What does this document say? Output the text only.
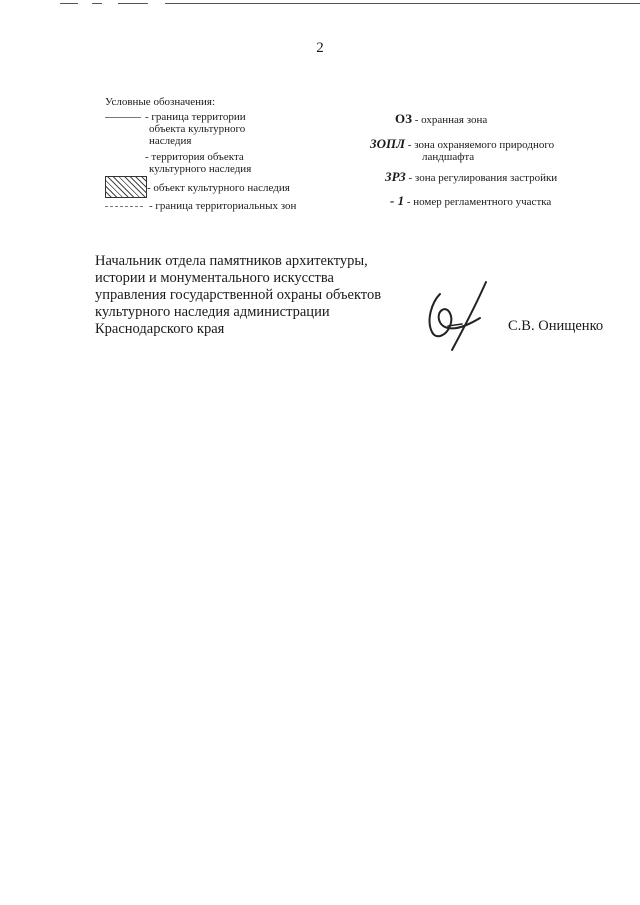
2
Условные обозначения:
- граница территории
объекта культурного
наследия
- территория объекта
культурного наследия
- объект культурного наследия
- граница территориальных зон
ОЗ - охранная зона
ЗОПЛ - зона охраняемого природного
ландшафта
ЗРЗ - зона регулирования застройки
- 1 - номер регламентного участка
Начальник отдела памятников архитектуры,
истории и монументального искусства
управления государственной охраны объектов
культурного наследия администрации
Краснодарского края	С.В. Онищенко
